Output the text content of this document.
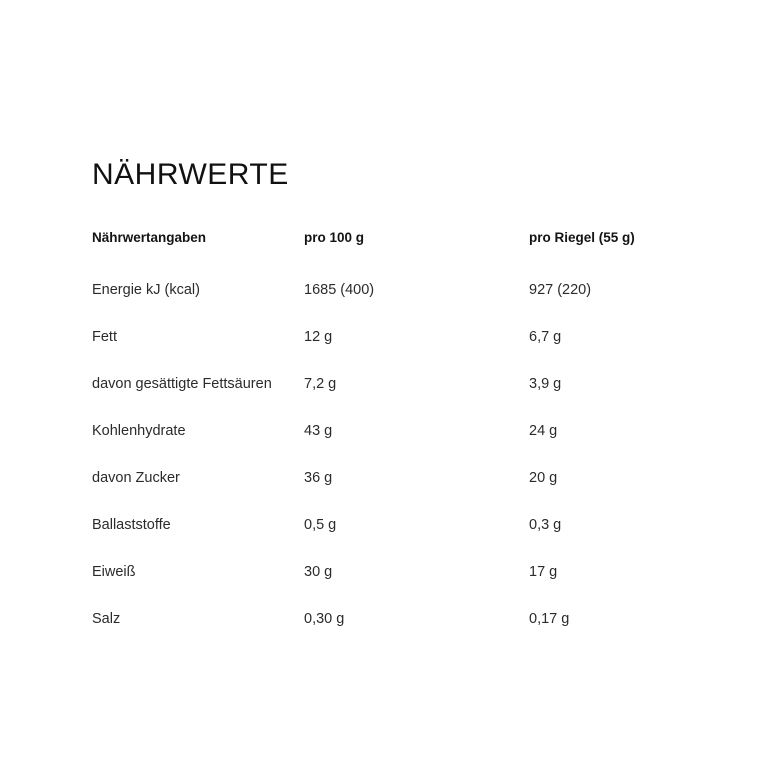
NÄHRWERTE
Nährwertangaben	pro 100 g	pro Riegel (55 g)
Energie kJ (kcal)	1685 (400)	927 (220)
Fett	12 g	6,7 g
davon gesättigte Fettsäuren	7,2 g	3,9 g
Kohlenhydrate	43 g	24 g
davon Zucker	36 g	20 g
Ballaststoffe	0,5 g	0,3 g
Eiweiß	30 g	17 g
Salz	0,30 g	0,17 g
